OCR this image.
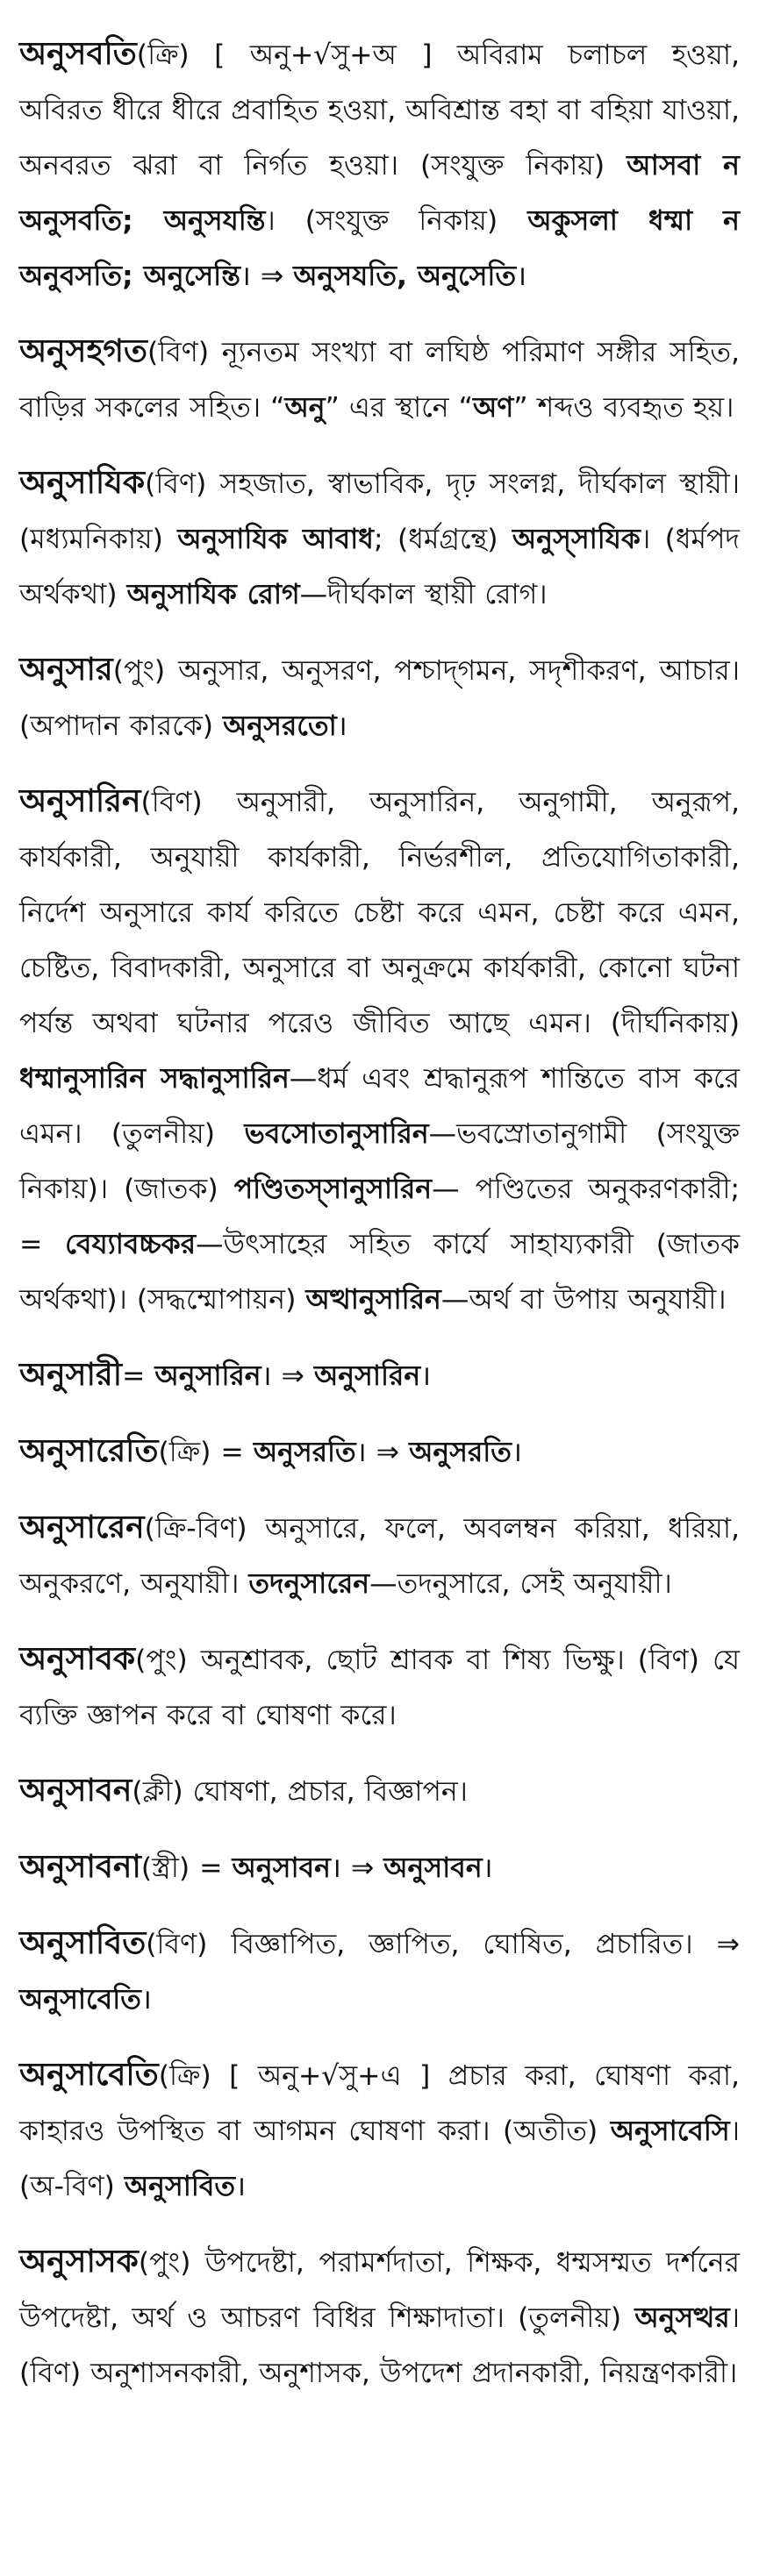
অনুসবতি(ক্রি) [ অনু+√সু+অ ] অবিরাম চলাচল হওয়া, অবিরত ধীরে ধীরে প্রবাহিত হওয়া, অবিশ্রান্ত বহা বা বহিয়া যাওয়া, অনবরত ঝরা বা নির্গত হওয়া। (সংযুক্ত নিকায়) আসবা ন অনুসবতি; অনুসযন্তি। (সংযুক্ত নিকায়) অকুসলা ধম্মা ন অনুবসতি; অনুসেন্তি। ⇒ অনুসযতি, অনুসেতি।

অনুসহগত(বিণ) ন্যূনতম সংখ্যা বা লঘিষ্ঠ পরিমাণ সঙ্গীর সহিত, বাড়ির সকলের সহিত। “অনু” এর স্থানে “অণ” শব্দও ব্যবহৃত হয়।

অনুসাযিক(বিণ) সহজাত, স্বাভাবিক, দৃঢ় সংলগ্ন, দীর্ঘকাল স্থায়ী। (মধ্যমনিকায়) অনুসাযিক আবাধ; (ধর্মগ্রন্থে) অনুস্‌সাযিক। (ধর্মপদ অর্থকথা) অনুসাযিক রোগ—দীর্ঘকাল স্থায়ী রোগ।

অনুসার(পুং) অনুসার, অনুসরণ, পশ্চাদ্‌গমন, সদৃশীকরণ, আচার। (অপাদান কারকে) অনুসরতো।

অনুসারিন(বিণ) অনুসারী, অনুসারিন, অনুগামী, অনুরূপ, কার্যকারী, অনুযায়ী কার্যকারী, নির্ভরশীল, প্রতিযোগিতাকারী, নির্দেশ অনুসারে কার্য করিতে চেষ্টা করে এমন, চেষ্টা করে এমন, চেষ্টিত, বিবাদকারী, অনুসারে বা অনুক্রমে কার্যকারী, কোনো ঘটনা পর্যন্ত অথবা ঘটনার পরেও জীবিত আছে এমন। (দীর্ঘনিকায়) ধম্মানুসারিন সদ্ধানুসারিন—ধর্ম এবং শ্রদ্ধানুরূপ শান্তিতে বাস করে এমন। (তুলনীয়) ভবসোতানুসারিন—ভবস্রোতানুগামী (সংযুক্ত নিকায়)। (জাতক) পণ্ডিতস্সানুসারিন— পণ্ডিতের অনুকরণকারী; = বেয্যাবচ্চকর—উৎসাহের সহিত কার্যে সাহায্যকারী (জাতক অর্থকথা)। (সদ্ধম্মোপায়ন) অত্থানুসারিন—অর্থ বা উপায় অনুযায়ী।

অনুসারী= অনুসারিন। ⇒ অনুসারিন।

অনুসারেতি(ক্রি) = অনুসরতি। ⇒ অনুসরতি।

অনুসারেন(ক্রি-বিণ) অনুসারে, ফলে, অবলম্বন করিয়া, ধরিয়া, অনুকরণে, অনুযায়ী। তদনুসারেন—তদনুসারে, সেই অনুযায়ী।

অনুসাবক(পুং) অনুশ্রাবক, ছোট শ্রাবক বা শিষ্য ভিক্ষু। (বিণ) যে ব্যক্তি জ্ঞাপন করে বা ঘোষণা করে।

অনুসাবন(ক্লী) ঘোষণা, প্রচার, বিজ্ঞাপন।

অনুসাবনা(স্ত্রী) = অনুসাবন। ⇒ অনুসাবন।

অনুসাবিত(বিণ) বিজ্ঞাপিত, জ্ঞাপিত, ঘোষিত, প্রচারিত। ⇒ অনুসাবেতি।

অনুসাবেতি(ক্রি) [ অনু+√সু+এ ] প্রচার করা, ঘোষণা করা, কাহারও উপস্থিত বা আগমন ঘোষণা করা। (অতীত) অনুসাবেসি। (অ-বিণ) অনুসাবিত।

অনুসাসক(পুং) উপদেষ্টা, পরামর্শদাতা, শিক্ষক, ধম্মসম্মত দর্শনের উপদেষ্টা, অর্থ ও আচরণ বিধির শিক্ষাদাতা। (তুলনীয়) অনুসত্থর। (বিণ) অনুশাসনকারী, অনুশাসক, উপদেশ প্রদানকারী, নিয়ন্ত্রণকারী।
